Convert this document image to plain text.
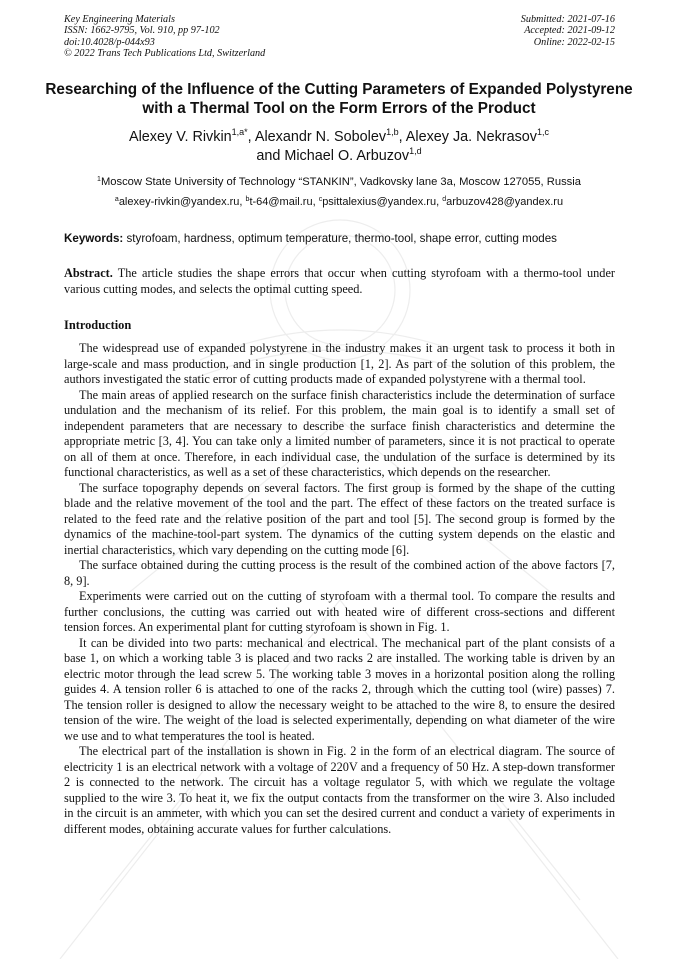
Key Engineering Materials
ISSN: 1662-9795, Vol. 910, pp 97-102
doi:10.4028/p-044x93
© 2022 Trans Tech Publications Ltd, Switzerland
Submitted: 2021-07-16
Accepted: 2021-09-12
Online: 2022-02-15
Researching of the Influence of the Cutting Parameters of Expanded Polystyrene with a Thermal Tool on the Form Errors of the Product
Alexey V. Rivkin$^{1,a*}$, Alexandr N. Sobolev$^{1,b}$, Alexey Ja. Nekrasov$^{1,c}$
and Michael O. Arbuzov$^{1,d}$
$^1$Moscow State University of Technology “STANKIN”, Vadkovsky lane 3a, Moscow 127055, Russia
$^a$alexey-rivkin@yandex.ru, $^b$t-64@mail.ru, $^c$psittalexius@yandex.ru, $^d$arbuzov428@yandex.ru
Keywords: styrofoam, hardness, optimum temperature, thermo-tool, shape error, cutting modes
Abstract. The article studies the shape errors that occur when cutting styrofoam with a thermo-tool under various cutting modes, and selects the optimal cutting speed.
Introduction

The widespread use of expanded polystyrene in the industry makes it an urgent task to process it both in large-scale and mass production, and in single production [1, 2]. As part of the solution of this problem, the authors investigated the static error of cutting products made of expanded polystyrene with a thermal tool.

The main areas of applied research on the surface finish characteristics include the determination of surface undulation and the mechanism of its relief. For this problem, the main goal is to identify a small set of independent parameters that are necessary to describe the surface finish characteristics and determine the appropriate metric [3, 4]. You can take only a limited number of parameters, since it is not practical to operate on all of them at once. Therefore, in each individual case, the undulation of the surface is determined by its functional characteristics, as well as a set of these characteristics, which depends on the researcher.

The surface topography depends on several factors. The first group is formed by the shape of the cutting blade and the relative movement of the tool and the part. The effect of these factors on the treated surface is related to the feed rate and the relative position of the part and tool [5]. The second group is formed by the dynamics of the machine-tool-part system. The dynamics of the cutting system depends on the elastic and inertial characteristics, which vary depending on the cutting mode [6].

The surface obtained during the cutting process is the result of the combined action of the above factors [7, 8, 9].

Experiments were carried out on the cutting of styrofoam with a thermal tool. To compare the results and further conclusions, the cutting was carried out with heated wire of different cross-sections and different tension forces. An experimental plant for cutting styrofoam is shown in Fig. 1.

It can be divided into two parts: mechanical and electrical. The mechanical part of the plant consists of a base 1, on which a working table 3 is placed and two racks 2 are installed. The working table is driven by an electric motor through the lead screw 5. The working table 3 moves in a horizontal position along the rolling guides 4. A tension roller 6 is attached to one of the racks 2, through which the cutting tool (wire) passes) 7. The tension roller is designed to allow the necessary weight to be attached to the wire 8, to ensure the desired tension of the wire. The weight of the load is selected experimentally, depending on what diameter of the wire we use and to what temperatures the tool is heated.

The electrical part of the installation is shown in Fig. 2 in the form of an electrical diagram. The source of electricity 1 is an electrical network with a voltage of 220V and a frequency of 50 Hz. A step-down transformer 2 is connected to the network. The circuit has a voltage regulator 5, with which we regulate the voltage supplied to the wire 3. To heat it, we fix the output contacts from the transformer on the wire 3. Also included in the circuit is an ammeter, with which you can set the desired current and conduct a variety of experiments in different modes, obtaining accurate values for further calculations.
